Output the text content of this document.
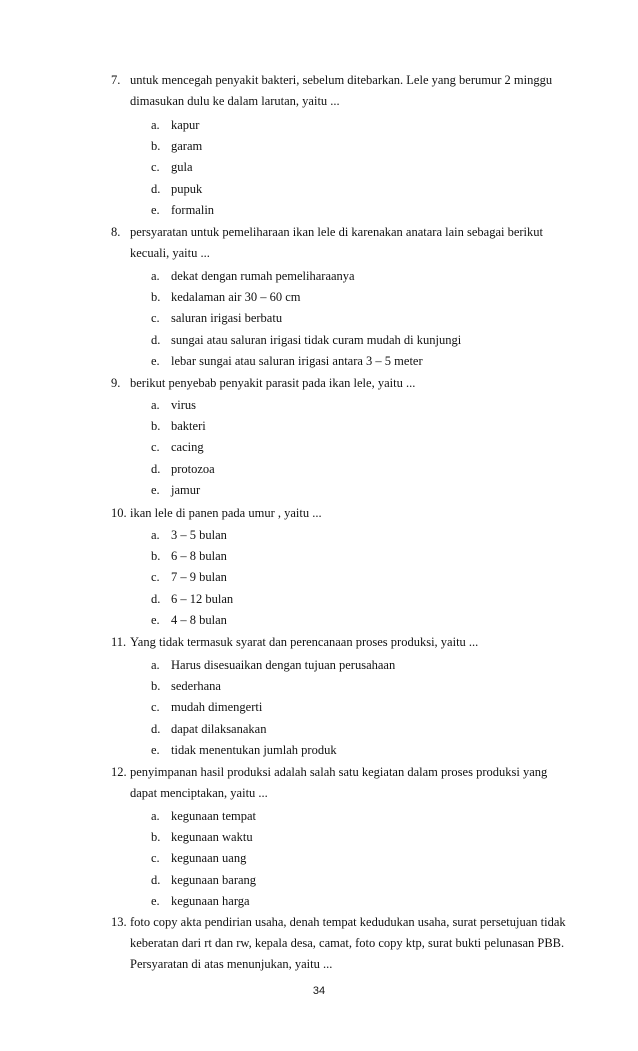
7. untuk mencegah penyakit bakteri, sebelum ditebarkan. Lele yang berumur 2 minggu dimasukan dulu ke dalam larutan, yaitu ...
a. kapur
b. garam
c. gula
d. pupuk
e. formalin
8. persyaratan untuk pemeliharaan ikan lele di karenakan anatara lain sebagai berikut kecuali, yaitu ...
a. dekat dengan rumah pemeliharaanya
b. kedalaman air 30 – 60 cm
c. saluran irigasi berbatu
d. sungai atau saluran irigasi tidak curam mudah di kunjungi
e. lebar sungai atau saluran irigasi antara 3 – 5 meter
9. berikut penyebab penyakit parasit pada ikan lele, yaitu ...
a. virus
b. bakteri
c. cacing
d. protozoa
e. jamur
10. ikan lele di panen pada umur , yaitu ...
a. 3 – 5 bulan
b. 6 – 8 bulan
c. 7 – 9 bulan
d. 6 – 12 bulan
e. 4 – 8 bulan
11. Yang tidak termasuk syarat dan perencanaan proses produksi, yaitu ...
a. Harus disesuaikan dengan tujuan perusahaan
b. sederhana
c. mudah dimengerti
d. dapat dilaksanakan
e. tidak menentukan jumlah produk
12. penyimpanan hasil produksi adalah salah satu kegiatan dalam proses produksi yang dapat menciptakan, yaitu ...
a. kegunaan tempat
b. kegunaan waktu
c. kegunaan uang
d. kegunaan barang
e. kegunaan harga
13. foto copy akta pendirian usaha, denah tempat kedudukan usaha, surat persetujuan tidak keberatan dari rt dan rw, kepala desa, camat, foto copy ktp, surat bukti pelunasan PBB. Persyaratan di atas menunjukan, yaitu ...
34
